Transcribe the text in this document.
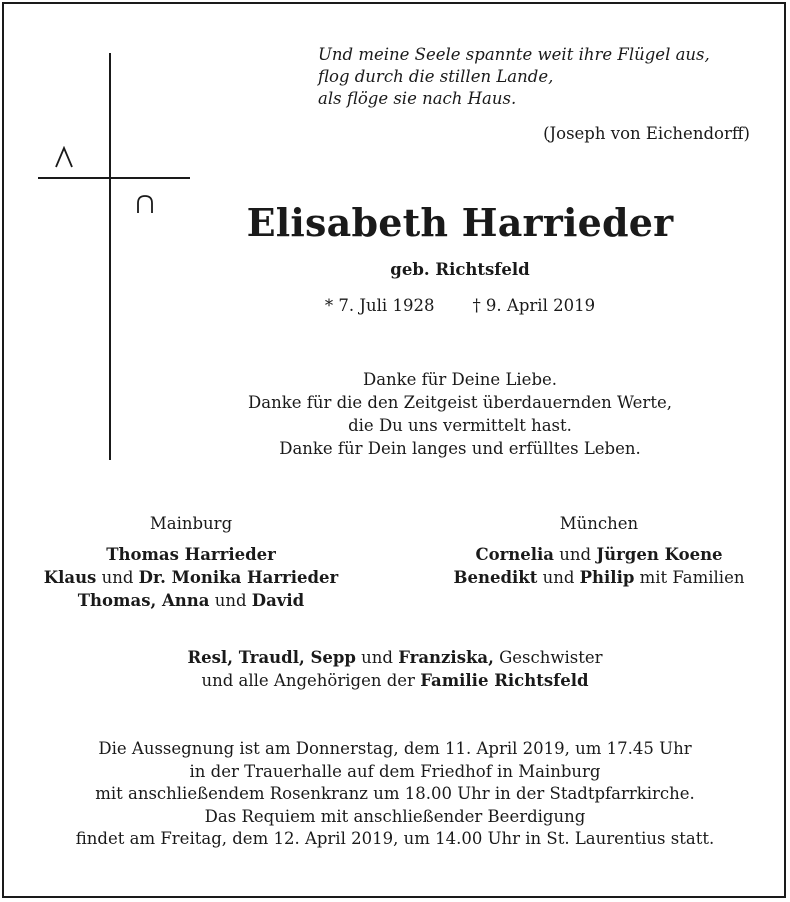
Und meine Seele spannte weit ihre Flügel aus,
flog durch die stillen Lande,
als flöge sie nach Haus.
(Joseph von Eichendorff)
Elisabeth Harrieder
geb. Richtsfeld
* 7. Juli 1928 † 9. April 2019
Danke für Deine Liebe.
Danke für die den Zeitgeist überdauernden Werte,
die Du uns vermittelt hast.
Danke für Dein langes und erfülltes Leben.
Mainburg
Thomas Harrieder
Klaus und Dr. Monika Harrieder
Thomas, Anna und David
München
Cornelia und Jürgen Koene
Benedikt und Philip mit Familien
Resl, Traudl, Sepp und Franziska, Geschwister
und alle Angehörigen der Familie Richtsfeld
Die Aussegnung ist am Donnerstag, dem 11. April 2019, um 17.45 Uhr
in der Trauerhalle auf dem Friedhof in Mainburg
mit anschließendem Rosenkranz um 18.00 Uhr in der Stadtpfarrkirche.
Das Requiem mit anschließender Beerdigung
findet am Freitag, dem 12. April 2019, um 14.00 Uhr in St. Laurentius statt.
